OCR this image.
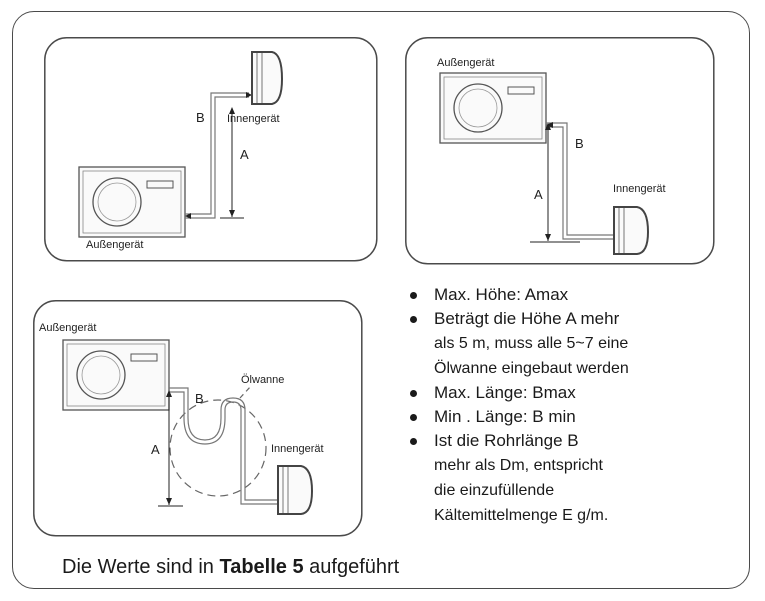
Innengerät
Außengerät
A
B
Außengerät
Innengerät
A
B
Außengerät
Ölwanne
Innengerät
A
B
Max. Höhe: Amax
Beträgt die Höhe A mehr
als 5 m, muss alle 5~7 eine
Ölwanne eingebaut werden
Max. Länge: Bmax
Min . Länge: B min
Ist die Rohrlänge B
mehr als Dm, entspricht
die einzufüllende
Kältemittelmenge E g/m.
Die Werte sind in Tabelle 5 aufgeführt
